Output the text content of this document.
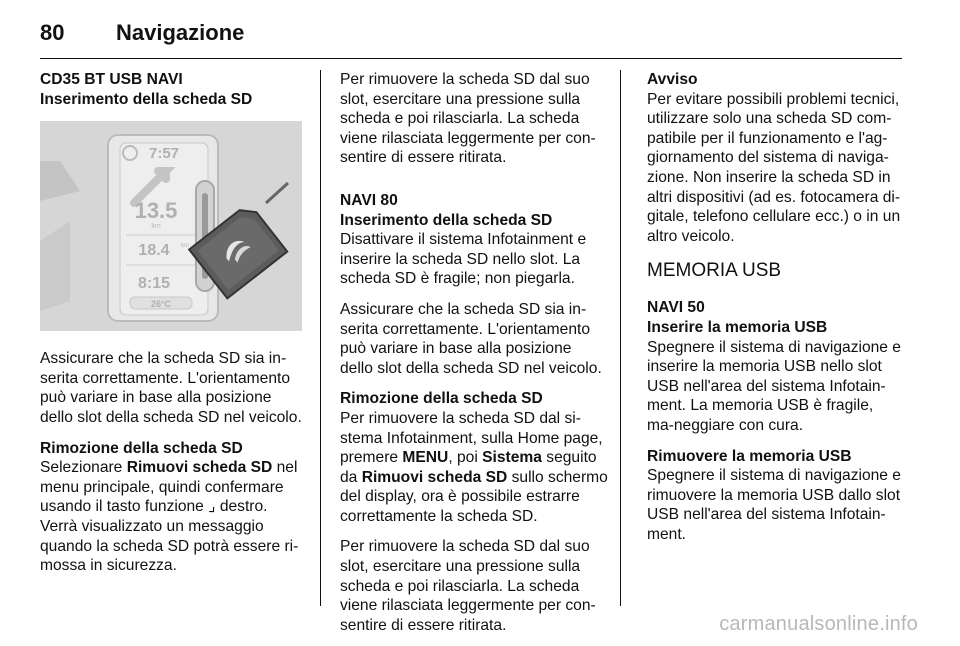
80 Navigazione
CD35 BT USB NAVI
Inserimento della scheda SD
7:57
13.5
km
18.4 km
8:15
26°C

Assicurare che la scheda SD sia in-serita correttamente. L'orientamento può variare in base alla posizione dello slot della scheda SD nel veicolo.

Rimozione della scheda SD

Selezionare Rimuovi scheda SD nel menu principale, quindi confermare usando il tasto funzione ⌟ destro. Verrà visualizzato un messaggio quando la scheda SD potrà essere ri-mossa in sicurezza.

Per rimuovere la scheda SD dal suo slot, esercitare una pressione sulla scheda e poi rilasciarla. La scheda viene rilasciata leggermente per con-sentire di essere ritirata.

NAVI 80
Inserimento della scheda SD

Disattivare il sistema Infotainment e inserire la scheda SD nello slot. La scheda SD è fragile; non piegarla.

Assicurare che la scheda SD sia in-serita correttamente. L'orientamento può variare in base alla posizione dello slot della scheda SD nel veicolo.

Rimozione della scheda SD

Per rimuovere la scheda SD dal si-stema Infotainment, sulla Home page, premere MENU, poi Sistema seguito da Rimuovi scheda SD sullo schermo del display, ora è possibile estrarre correttamente la scheda SD.

Per rimuovere la scheda SD dal suo slot, esercitare una pressione sulla scheda e poi rilasciarla. La scheda viene rilasciata leggermente per con-sentire di essere ritirata.

Avviso

Per evitare possibili problemi tecnici, utilizzare solo una scheda SD com-patibile per il funzionamento e l'ag-giornamento del sistema di naviga-zione. Non inserire la scheda SD in altri dispositivi (ad es. fotocamera di-gitale, telefono cellulare ecc.) o in un altro veicolo.

MEMORIA USB
NAVI 50
Inserire la memoria USB

Spegnere il sistema di navigazione e inserire la memoria USB nello slot USB nell'area del sistema Infotain-ment. La memoria USB è fragile, ma-neggiare con cura.

Rimuovere la memoria USB

Spegnere il sistema di navigazione e rimuovere la memoria USB dallo slot USB nell'area del sistema Infotain-ment.

carmanualsonline.info
